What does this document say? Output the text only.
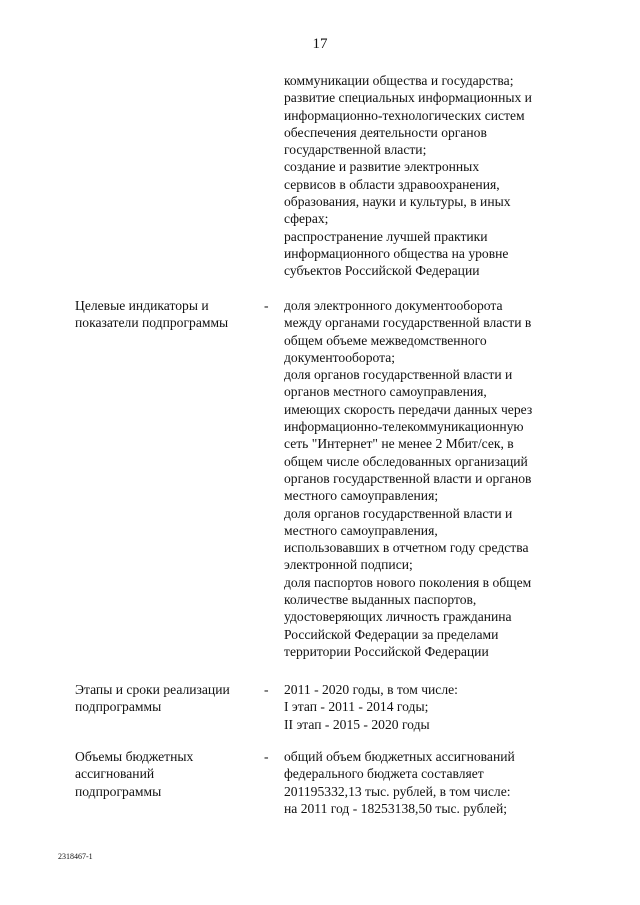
17
коммуникации общества и государства;
развитие специальных информационных и
информационно-технологических систем
обеспечения деятельности органов
государственной власти;
создание и развитие электронных
сервисов в области здравоохранения,
образования, науки и культуры, в иных
сферах;
распространение лучшей практики
информационного общества на уровне
субъектов Российской Федерации
Целевые индикаторы и
показатели подпрограммы
- доля электронного документооборота
между органами государственной власти в
общем объеме межведомственного
документооборота;
доля органов государственной власти и
органов местного самоуправления,
имеющих скорость передачи данных через
информационно-телекоммуникационную
сеть "Интернет" не менее 2 Мбит/сек, в
общем числе обследованных организаций
органов государственной власти и органов
местного самоуправления;
доля органов государственной власти и
местного самоуправления,
использовавших в отчетном году средства
электронной подписи;
доля паспортов нового поколения в общем
количестве выданных паспортов,
удостоверяющих личность гражданина
Российской Федерации за пределами
территории Российской Федерации
Этапы и сроки реализации
подпрограммы
- 2011 - 2020 годы, в том числе:
I этап - 2011 - 2014 годы;
II этап - 2015 - 2020 годы
Объемы бюджетных
ассигнований
подпрограммы
- общий объем бюджетных ассигнований
федерального бюджета составляет
201195332,13 тыс. рублей, в том числе:
на 2011 год - 18253138,50 тыс. рублей;
2318467-1
